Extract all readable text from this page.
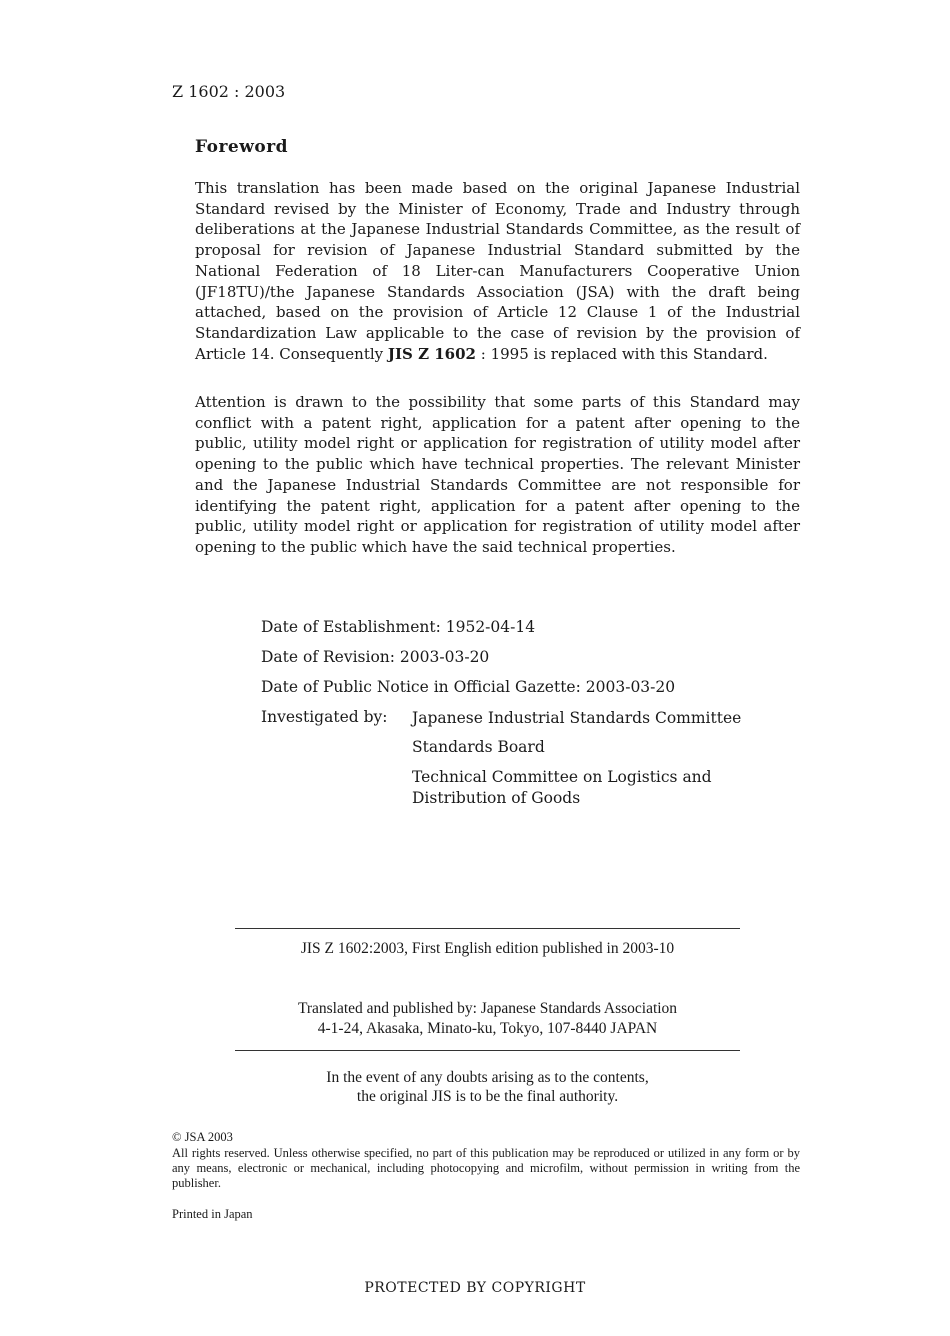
Z 1602 : 2003
Foreword

This translation has been made based on the original Japanese Industrial Standard revised by the Minister of Economy, Trade and Industry through deliberations at the Japanese Industrial Standards Committee, as the result of proposal for revision of Japanese Industrial Standard submitted by the National Federation of 18 Liter-can Manufacturers Cooperative Union (JF18TU)/the Japanese Standards Association (JSA) with the draft being attached, based on the provision of Article 12 Clause 1 of the Industrial Standardization Law applicable to the case of revision by the provision of Article 14. Consequently JIS Z 1602 : 1995 is replaced with this Standard.

Attention is drawn to the possibility that some parts of this Standard may conflict with a patent right, application for a patent after opening to the public, utility model right or application for registration of utility model after opening to the public which have technical properties. The relevant Minister and the Japanese Industrial Standards Committee are not responsible for identifying the patent right, application for a patent after opening to the public, utility model right or application for registration of utility model after opening to the public which have the said technical properties.

Date of Establishment: 1952-04-14
Date of Revision: 2003-03-20
Date of Public Notice in Official Gazette: 2003-03-20
Investigated by: Japanese Industrial Standards Committee
Standards Board
Technical Committee on Logistics and Distribution of Goods
JIS Z 1602:2003, First English edition published in 2003-10
Translated and published by: Japanese Standards Association
4-1-24, Akasaka, Minato-ku, Tokyo, 107-8440 JAPAN
In the event of any doubts arising as to the contents,
the original JIS is to be the final authority.
© JSA 2003
All rights reserved. Unless otherwise specified, no part of this publication may be reproduced or utilized in any form or by any means, electronic or mechanical, including photocopying and microfilm, without permission in writing from the publisher.
Printed in Japan
PROTECTED BY COPYRIGHT
